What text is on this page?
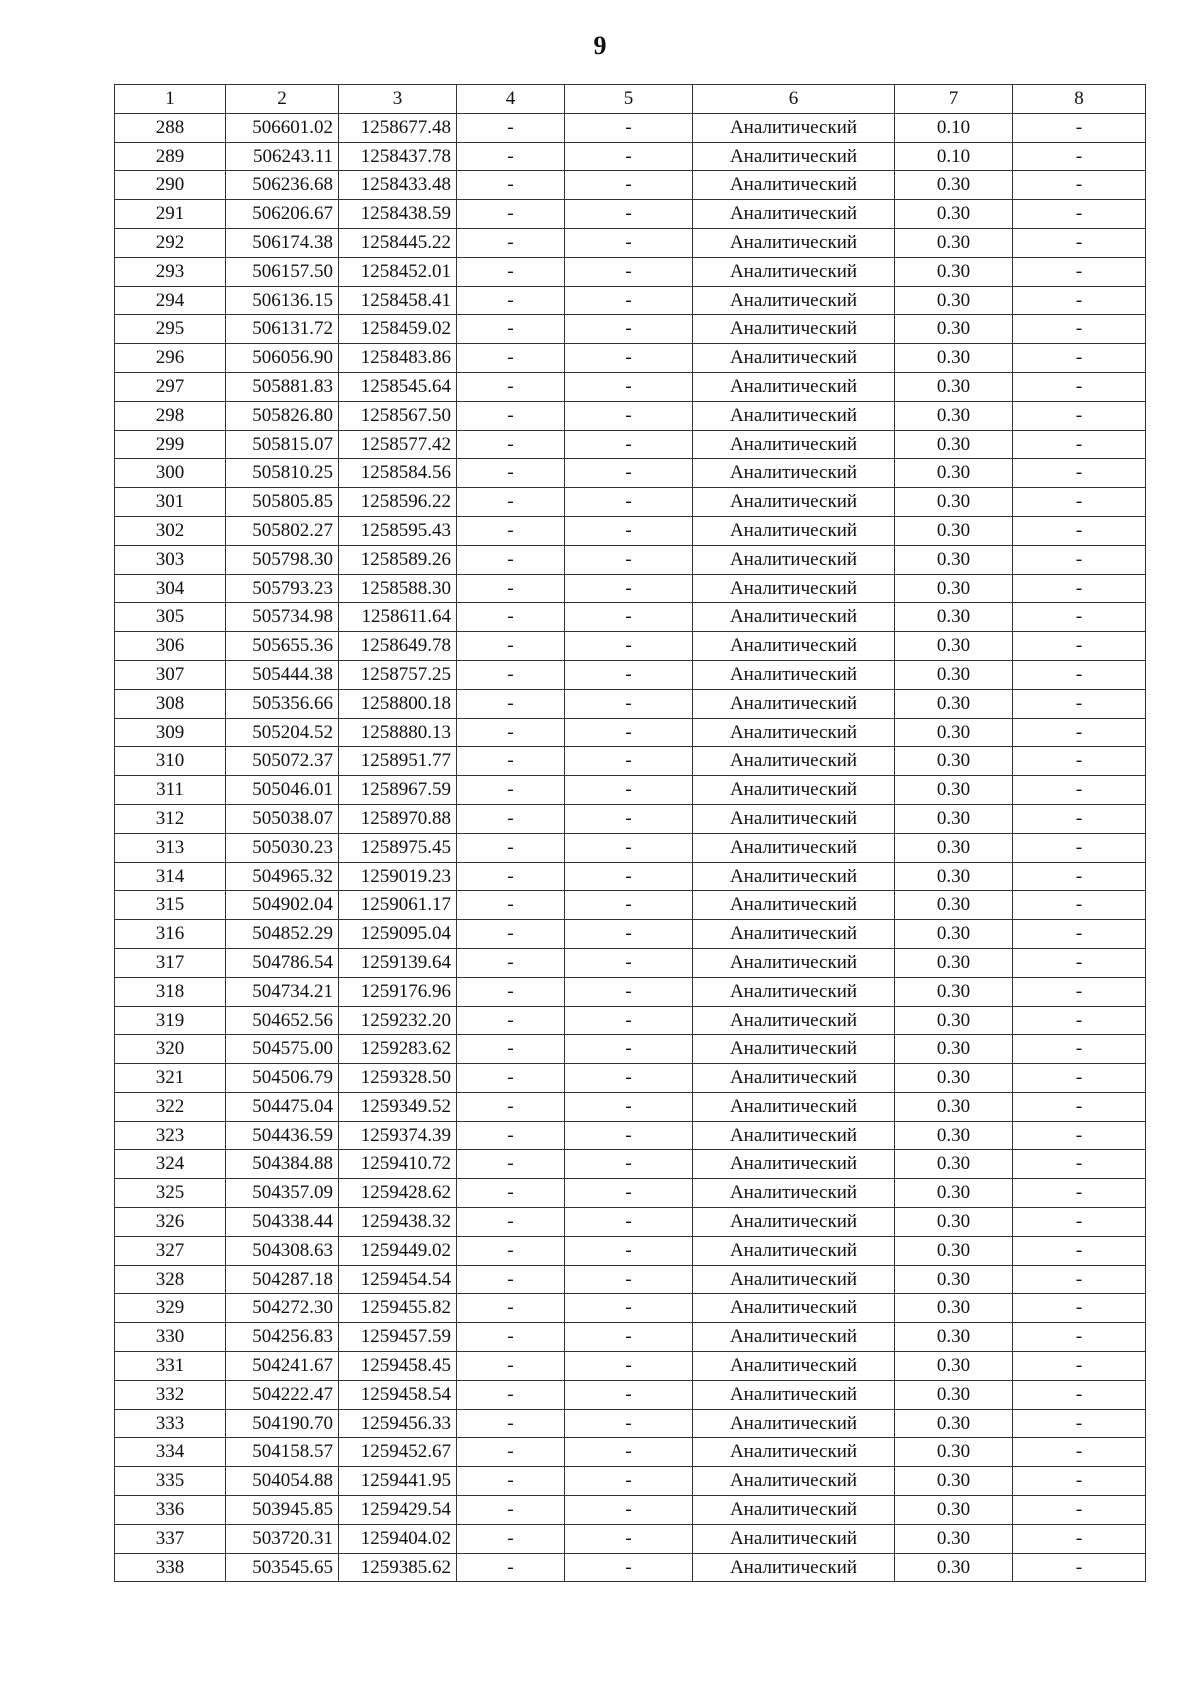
9
1	2	3	4	5	6	7	8
288	506601.02	1258677.48	-	-	Аналитический	0.10	-
289	506243.11	1258437.78	-	-	Аналитический	0.10	-
290	506236.68	1258433.48	-	-	Аналитический	0.30	-
291	506206.67	1258438.59	-	-	Аналитический	0.30	-
292	506174.38	1258445.22	-	-	Аналитический	0.30	-
293	506157.50	1258452.01	-	-	Аналитический	0.30	-
294	506136.15	1258458.41	-	-	Аналитический	0.30	-
295	506131.72	1258459.02	-	-	Аналитический	0.30	-
296	506056.90	1258483.86	-	-	Аналитический	0.30	-
297	505881.83	1258545.64	-	-	Аналитический	0.30	-
298	505826.80	1258567.50	-	-	Аналитический	0.30	-
299	505815.07	1258577.42	-	-	Аналитический	0.30	-
300	505810.25	1258584.56	-	-	Аналитический	0.30	-
301	505805.85	1258596.22	-	-	Аналитический	0.30	-
302	505802.27	1258595.43	-	-	Аналитический	0.30	-
303	505798.30	1258589.26	-	-	Аналитический	0.30	-
304	505793.23	1258588.30	-	-	Аналитический	0.30	-
305	505734.98	1258611.64	-	-	Аналитический	0.30	-
306	505655.36	1258649.78	-	-	Аналитический	0.30	-
307	505444.38	1258757.25	-	-	Аналитический	0.30	-
308	505356.66	1258800.18	-	-	Аналитический	0.30	-
309	505204.52	1258880.13	-	-	Аналитический	0.30	-
310	505072.37	1258951.77	-	-	Аналитический	0.30	-
311	505046.01	1258967.59	-	-	Аналитический	0.30	-
312	505038.07	1258970.88	-	-	Аналитический	0.30	-
313	505030.23	1258975.45	-	-	Аналитический	0.30	-
314	504965.32	1259019.23	-	-	Аналитический	0.30	-
315	504902.04	1259061.17	-	-	Аналитический	0.30	-
316	504852.29	1259095.04	-	-	Аналитический	0.30	-
317	504786.54	1259139.64	-	-	Аналитический	0.30	-
318	504734.21	1259176.96	-	-	Аналитический	0.30	-
319	504652.56	1259232.20	-	-	Аналитический	0.30	-
320	504575.00	1259283.62	-	-	Аналитический	0.30	-
321	504506.79	1259328.50	-	-	Аналитический	0.30	-
322	504475.04	1259349.52	-	-	Аналитический	0.30	-
323	504436.59	1259374.39	-	-	Аналитический	0.30	-
324	504384.88	1259410.72	-	-	Аналитический	0.30	-
325	504357.09	1259428.62	-	-	Аналитический	0.30	-
326	504338.44	1259438.32	-	-	Аналитический	0.30	-
327	504308.63	1259449.02	-	-	Аналитический	0.30	-
328	504287.18	1259454.54	-	-	Аналитический	0.30	-
329	504272.30	1259455.82	-	-	Аналитический	0.30	-
330	504256.83	1259457.59	-	-	Аналитический	0.30	-
331	504241.67	1259458.45	-	-	Аналитический	0.30	-
332	504222.47	1259458.54	-	-	Аналитический	0.30	-
333	504190.70	1259456.33	-	-	Аналитический	0.30	-
334	504158.57	1259452.67	-	-	Аналитический	0.30	-
335	504054.88	1259441.95	-	-	Аналитический	0.30	-
336	503945.85	1259429.54	-	-	Аналитический	0.30	-
337	503720.31	1259404.02	-	-	Аналитический	0.30	-
338	503545.65	1259385.62	-	-	Аналитический	0.30	-
